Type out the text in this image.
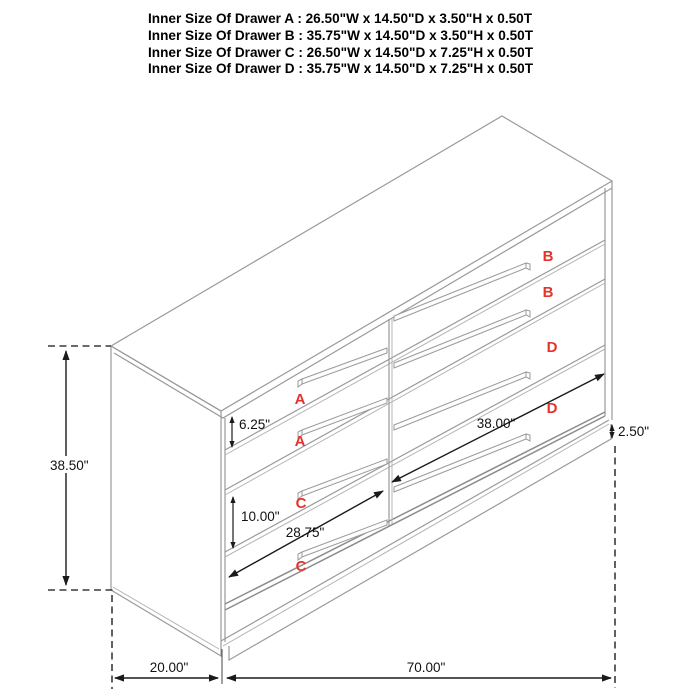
Inner Size Of Drawer A : 26.50"W x 14.50"D x 3.50"H x 0.50T
Inner Size Of Drawer B : 35.75"W x 14.50"D x 3.50"H x 0.50T
Inner Size Of Drawer C : 26.50"W x 14.50"D x 7.25"H x 0.50T
Inner Size Of Drawer D : 35.75"W x 14.50"D x 7.25"H x 0.50T
A
A
B
B
C
C
D
D
38.50"
6.25"
10.00"
28.75"
38.00"
2.50"
20.00"	70.00"
